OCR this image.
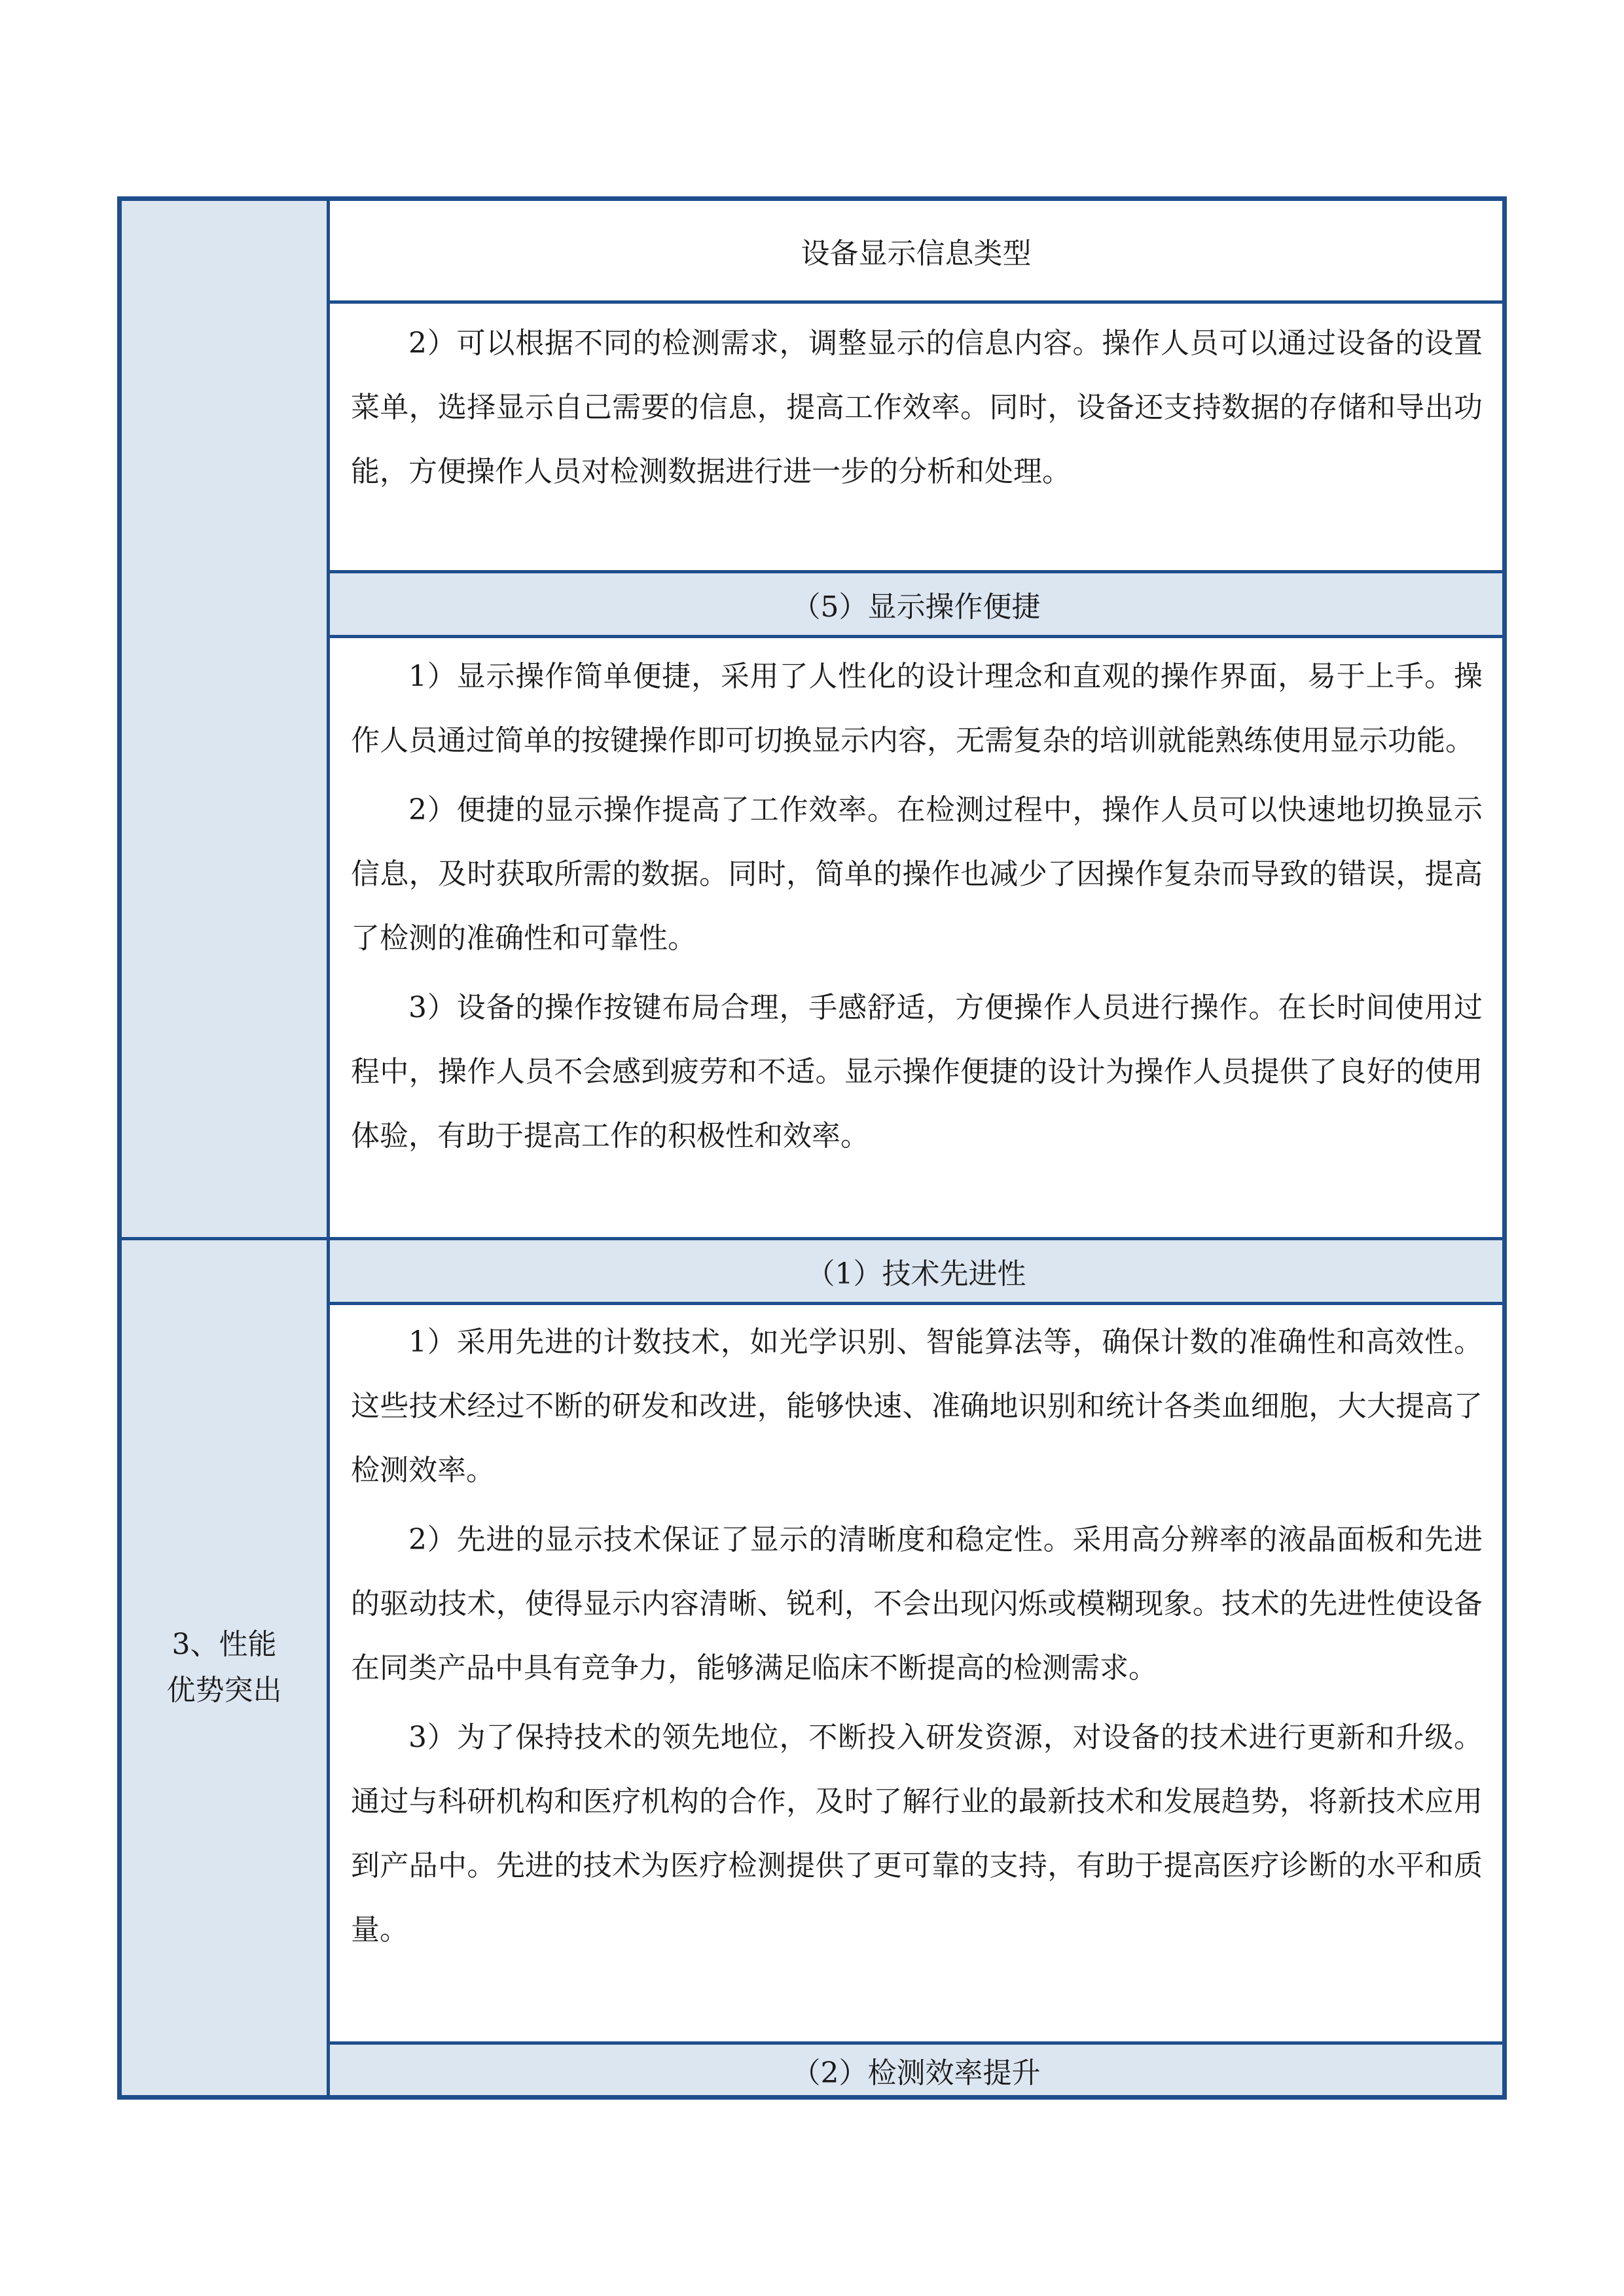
设备显示信息类型

2）可以根据不同的检测需求，调整显示的信息内容。操作人员可以通过设备的设置菜单，选择显示自己需要的信息，提高工作效率。同时，设备还支持数据的存储和导出功能，方便操作人员对检测数据进行进一步的分析和处理。

（5）显示操作便捷

1）显示操作简单便捷，采用了人性化的设计理念和直观的操作界面，易于上手。操作人员通过简单的按键操作即可切换显示内容，无需复杂的培训就能熟练使用显示功能。

2）便捷的显示操作提高了工作效率。在检测过程中，操作人员可以快速地切换显示信息，及时获取所需的数据。同时，简单的操作也减少了因操作复杂而导致的错误，提高了检测的准确性和可靠性。

3）设备的操作按键布局合理，手感舒适，方便操作人员进行操作。在长时间使用过程中，操作人员不会感到疲劳和不适。显示操作便捷的设计为操作人员提供了良好的使用体验，有助于提高工作的积极性和效率。

3、性能优势突出
（1）技术先进性

1）采用先进的计数技术，如光学识别、智能算法等，确保计数的准确性和高效性。这些技术经过不断的研发和改进，能够快速、准确地识别和统计各类血细胞，大大提高了检测效率。

2）先进的显示技术保证了显示的清晰度和稳定性。采用高分辨率的液晶面板和先进的驱动技术，使得显示内容清晰、锐利，不会出现闪烁或模糊现象。技术的先进性使设备在同类产品中具有竞争力，能够满足临床不断提高的检测需求。

3）为了保持技术的领先地位，不断投入研发资源，对设备的技术进行更新和升级。通过与科研机构和医疗机构的合作，及时了解行业的最新技术和发展趋势，将新技术应用到产品中。先进的技术为医疗检测提供了更可靠的支持，有助于提高医疗诊断的水平和质量。

（2）检测效率提升
